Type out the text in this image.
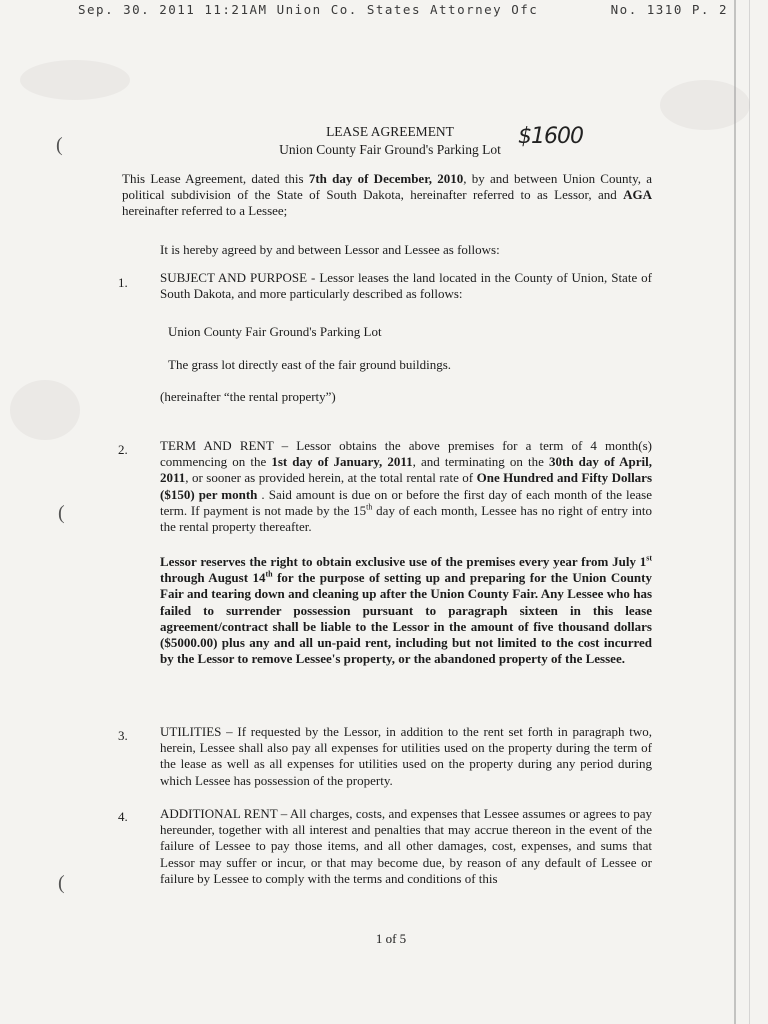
Sep. 30. 2011 11:21AM Union Co. States Attorney Ofc	No. 1310 P. 2
(
(
(
LEASE AGREEMENT
Union County Fair Ground's Parking Lot
$1600
This Lease Agreement, dated this 7th day of December, 2010, by and between Union County, a political subdivision of the State of South Dakota, hereinafter referred to as Lessor, and AGA hereinafter referred to a Lessee;
It is hereby agreed by and between Lessor and Lessee as follows:
1. SUBJECT AND PURPOSE - Lessor leases the land located in the County of Union, State of South Dakota, and more particularly described as follows:
Union County Fair Ground's Parking Lot
The grass lot directly east of the fair ground buildings.
(hereinafter “the rental property”)
2. TERM AND RENT – Lessor obtains the above premises for a term of 4 month(s) commencing on the 1st day of January, 2011, and terminating on the 30th day of April, 2011, or sooner as provided herein, at the total rental rate of One Hundred and Fifty Dollars ($150) per month . Said amount is due on or before the first day of each month of the lease term. If payment is not made by the 15th day of each month, Lessee has no right of entry into the rental property thereafter.
Lessor reserves the right to obtain exclusive use of the premises every year from July 1st through August 14th for the purpose of setting up and preparing for the Union County Fair and tearing down and cleaning up after the Union County Fair. Any Lessee who has failed to surrender possession pursuant to paragraph sixteen in this lease agreement/contract shall be liable to the Lessor in the amount of five thousand dollars ($5000.00) plus any and all un-paid rent, including but not limited to the cost incurred by the Lessor to remove Lessee's property, or the abandoned property of the Lessee.
3. UTILITIES – If requested by the Lessor, in addition to the rent set forth in paragraph two, herein, Lessee shall also pay all expenses for utilities used on the property during the term of the lease as well as all expenses for utilities used on the property during any period during which Lessee has possession of the property.
4. ADDITIONAL RENT – All charges, costs, and expenses that Lessee assumes or agrees to pay hereunder, together with all interest and penalties that may accrue thereon in the event of the failure of Lessee to pay those items, and all other damages, cost, expenses, and sums that Lessor may suffer or incur, or that may become due, by reason of any default of Lessee or failure by Lessee to comply with the terms and conditions of this
1 of 5
